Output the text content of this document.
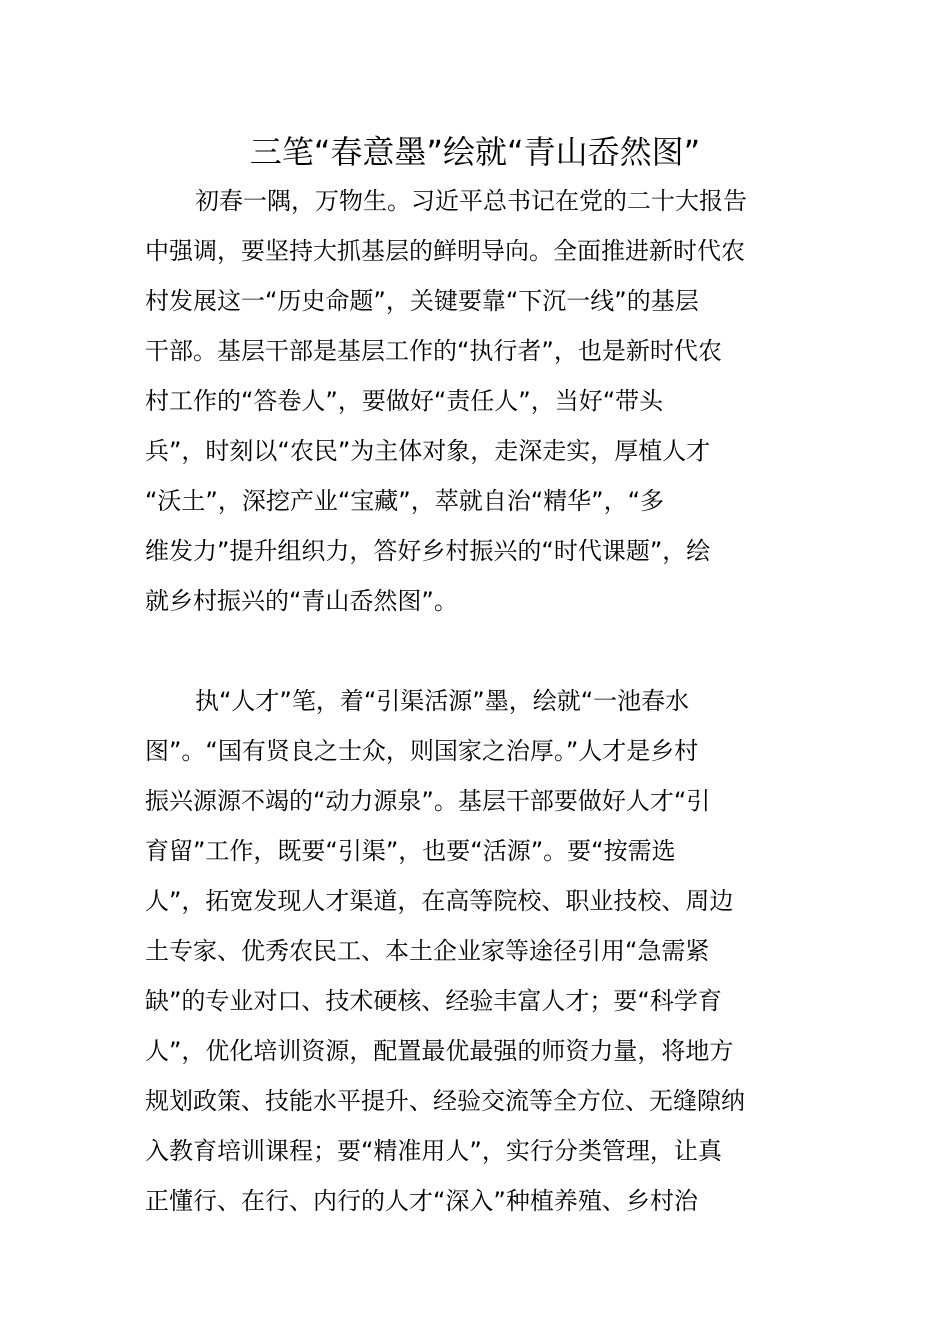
三笔“春意墨”绘就“青山岙然图”
初春一隅，万物生。习近平总书记在党的二十大报告
中强调，要坚持大抓基层的鲜明导向。全面推进新时代农
村发展这一“历史命题”，关键要靠“下沉一线”的基层
干部。基层干部是基层工作的“执行者”，也是新时代农
村工作的“答卷人”，要做好“责任人”，当好“带头
兵”，时刻以“农民”为主体对象，走深走实，厚植人才
“沃土”，深挖产业“宝藏”，萃就自治“精华”，“多
维发力”提升组织力，答好乡村振兴的“时代课题”，绘
就乡村振兴的“青山岙然图”。
执“人才”笔，着“引渠活源”墨，绘就“一池春水
图”。“国有贤良之士众，则国家之治厚。”人才是乡村
振兴源源不竭的“动力源泉”。基层干部要做好人才“引
育留”工作，既要“引渠”，也要“活源”。要“按需选
人”，拓宽发现人才渠道，在高等院校、职业技校、周边
土专家、优秀农民工、本土企业家等途径引用“急需紧
缺”的专业对口、技术硬核、经验丰富人才；要“科学育
人”，优化培训资源，配置最优最强的师资力量，将地方
规划政策、技能水平提升、经验交流等全方位、无缝隙纳
入教育培训课程；要“精准用人”，实行分类管理，让真
正懂行、在行、内行的人才“深入”种植养殖、乡村治
